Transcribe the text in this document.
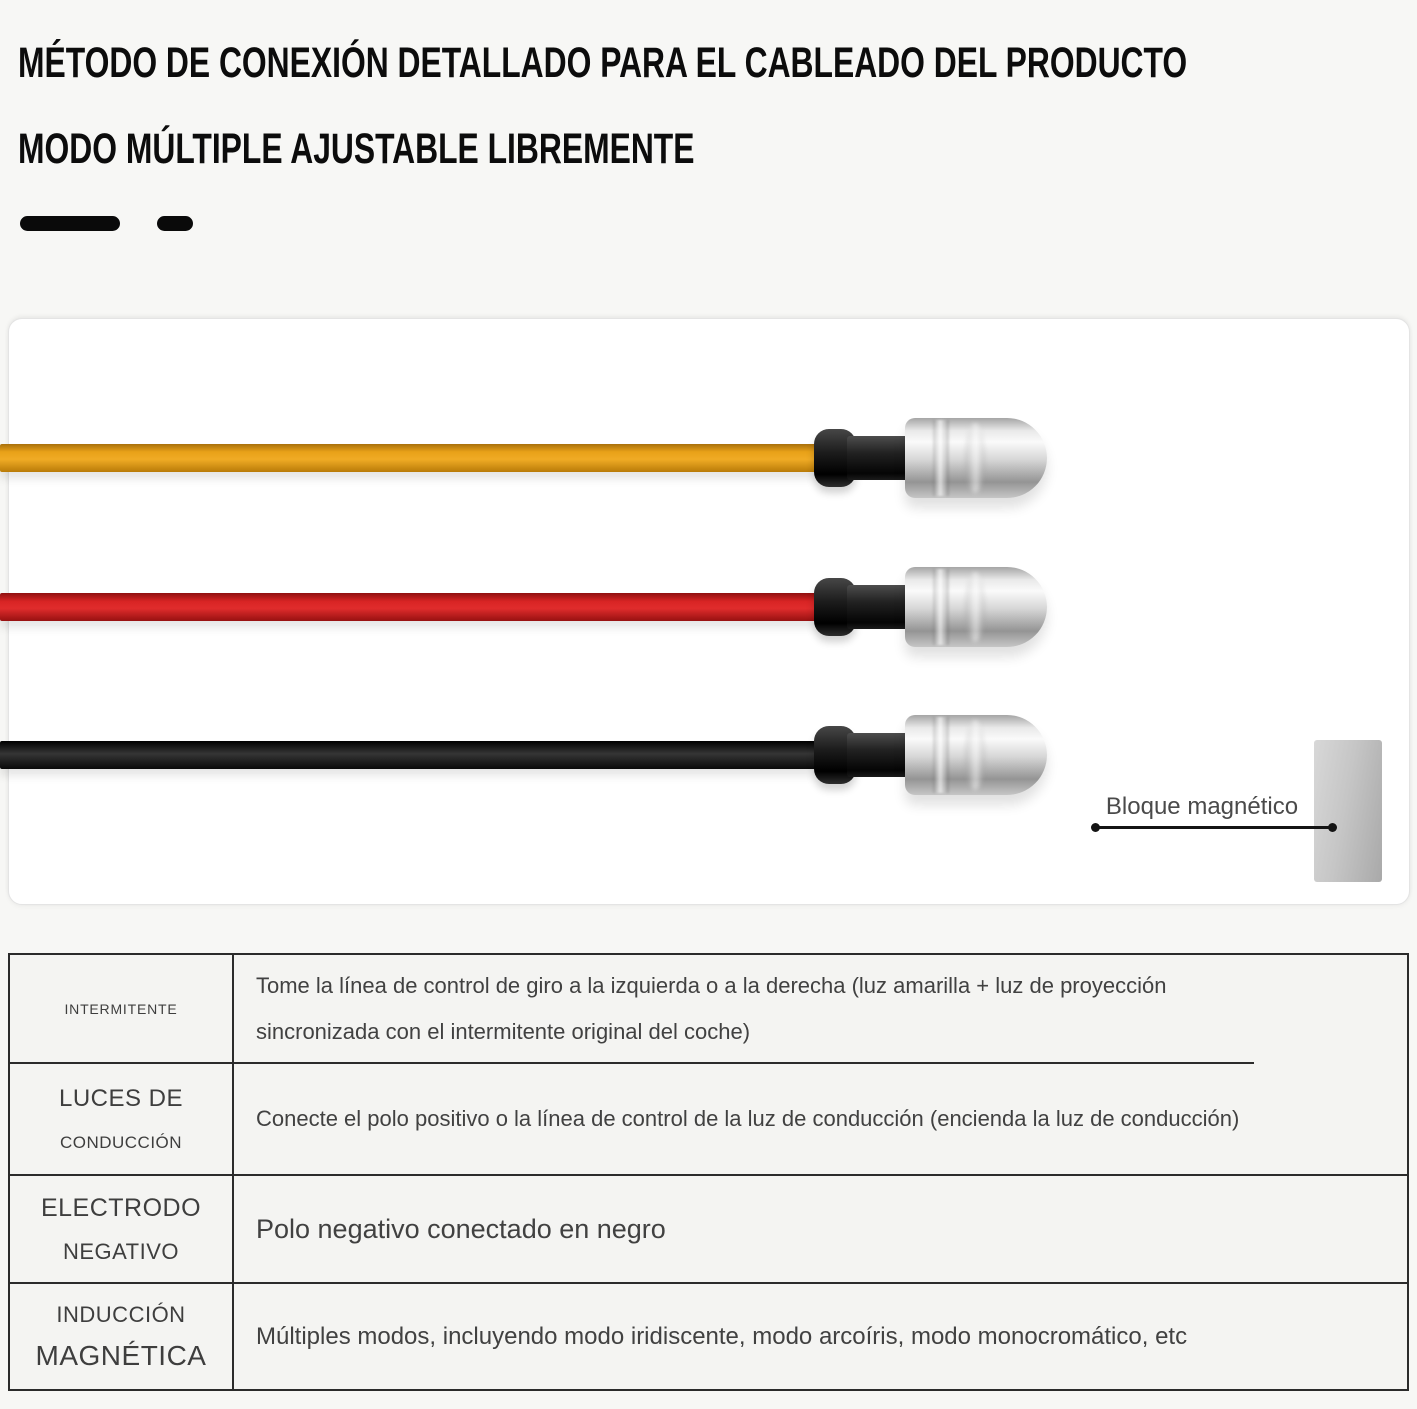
MÉTODO DE CONEXIÓN DETALLADO PARA EL CABLEADO DEL PRODUCTO
MODO MÚLTIPLE AJUSTABLE LIBREMENTE
Bloque magnético
INTERMITENTE
Tome la línea de control de giro a la izquierda o a la derecha (luz amarilla + luz de proyección sincronizada con el intermitente original del coche)
LUCES DE
CONDUCCIÓN
Conecte el polo positivo o la línea de control de la luz de conducción (encienda la luz de conducción)
ELECTRODO
NEGATIVO
Polo negativo conectado en negro
INDUCCIÓN
MAGNÉTICA
Múltiples modos, incluyendo modo iridiscente, modo arcoíris, modo monocromático, etc
